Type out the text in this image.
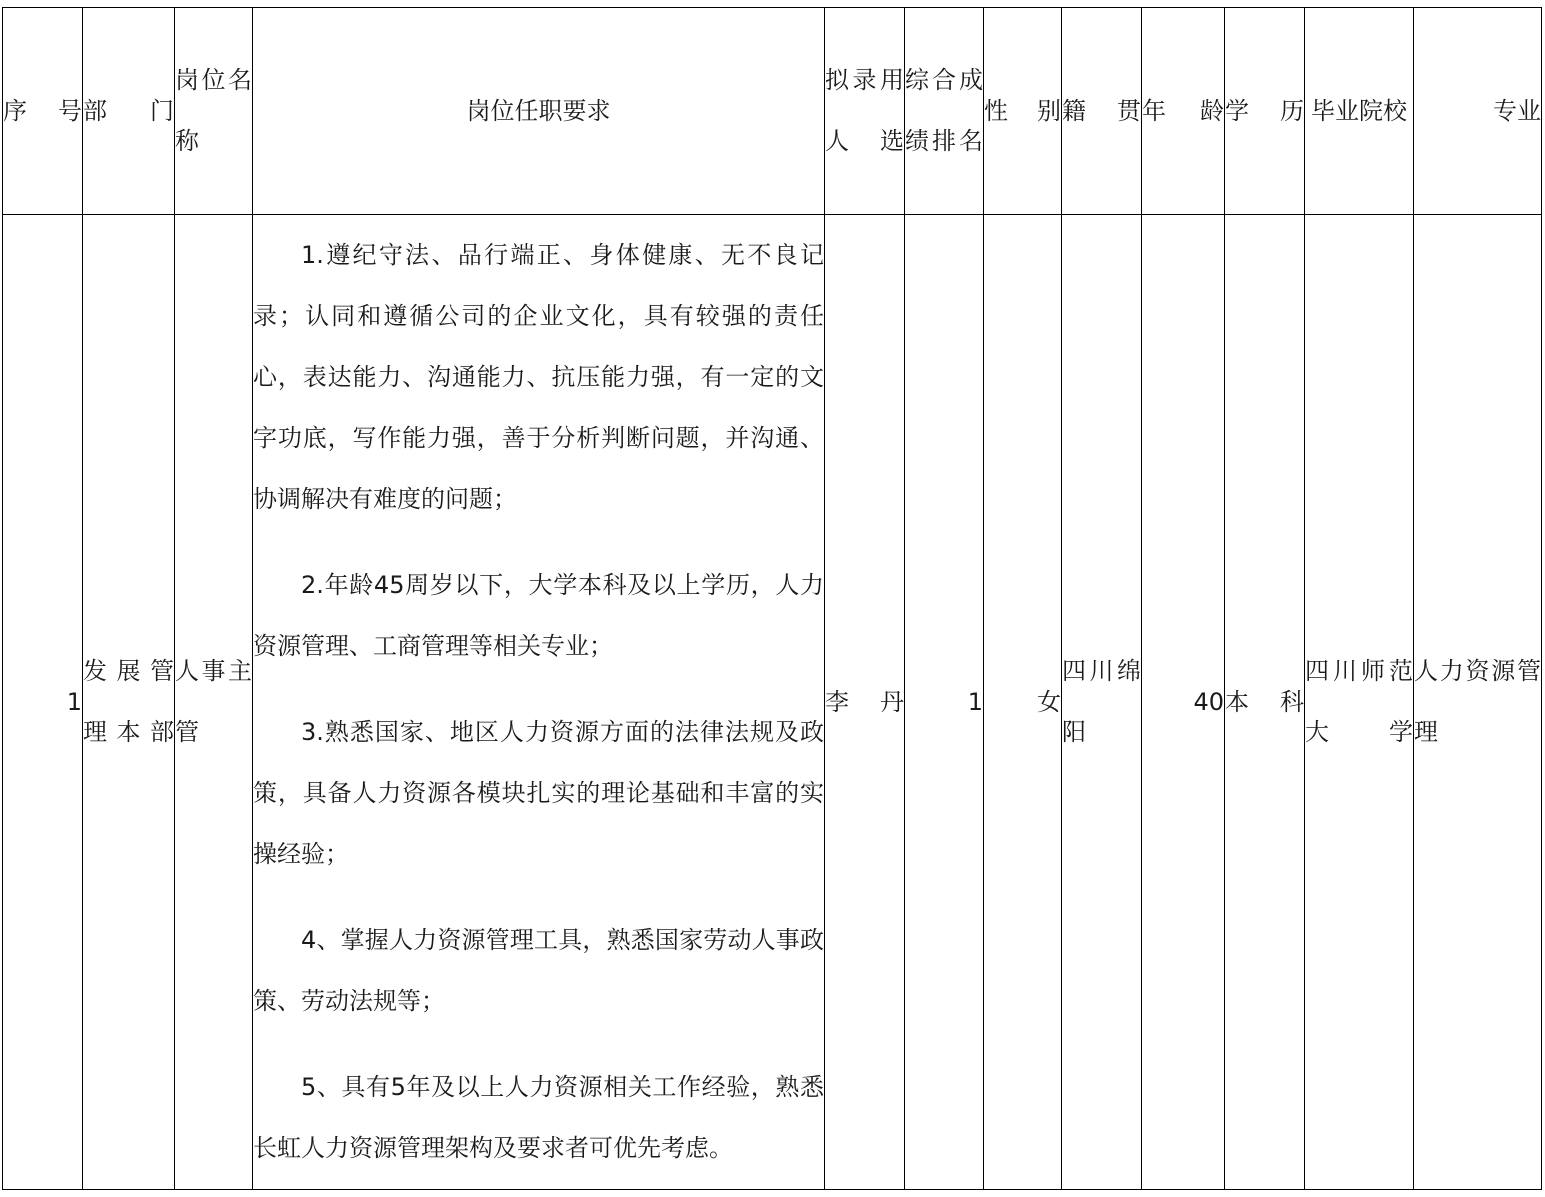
序号	部门	岗位名称	岗位任职要求	拟录用人选	综合成绩排名	性别	籍贯	年龄	学历	毕业院校	专业
1	发展管理本部	人事主管	1.遵纪守法、品行端正、身体健康、无不良记录；认同和遵循公司的企业文化，具有较强的责任心，表达能力、沟通能力、抗压能力强，有一定的文字功底，写作能力强，善于分析判断问题，并沟通、协调解决有难度的问题；

2.年龄45周岁以下，大学本科及以上学历，人力资源管理、工商管理等相关专业；

3.熟悉国家、地区人力资源方面的法律法规及政策，具备人力资源各模块扎实的理论基础和丰富的实操经验；

4、掌握人力资源管理工具，熟悉国家劳动人事政策、劳动法规等；

5、具有5年及以上人力资源相关工作经验，熟悉长虹人力资源管理架构及要求者可优先考虑。	李丹	1	女	四川绵阳	40	本科	四川师范大学	人力资源管理
